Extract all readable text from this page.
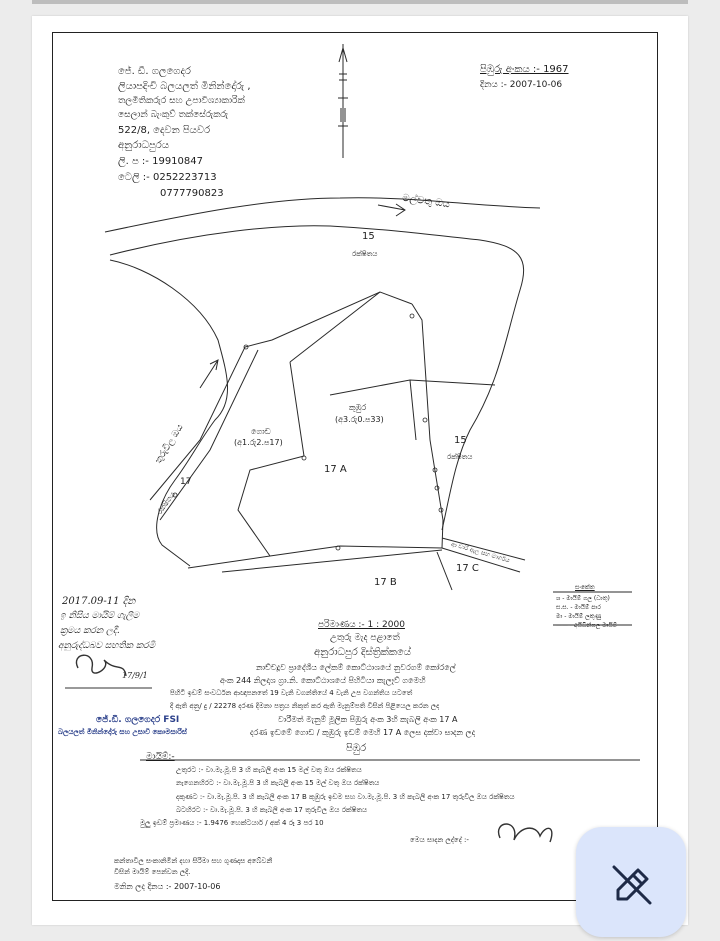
ජේ. ඩී. ගලගෙදර
ලියාපදිංචි බලයලත් මිනින්දෝරු ,
තලමිතිකරුර සහ උපාවිශ්‍යාකාරික්
සෙලාන් බැංකුව් තක්සේරුකරු
522/8, දෙවන පියවර
අනුරාධපුරය
ලි. ප :- 19910847
ටෙලි :- 0252223713
0777790823
පිඹුරු අංකය :- 1967
දිනය :- 2007-10-06
මල්වතු ඔය
15
රක්ෂිතය
තුරුවිල ඔය
17
රක්ෂිතය
ගොඩ
(අ1.රු2.ප17)
කුඹුර
(අ3.රු0.ප33)
15
රක්ෂිතය
17 A
17 B
17 C
ආ වාරි ඇල සහ මාර්ගය
සංකේත
ශ - මායිම් ගල (ධාතු)
ස.ස. - මායිම් පාර
මා - මායිම් ලකුණු
—— - අයිඩින්ගල මායිම්
2017.09-11 දින
ඉ නිසිය මායිම් ගැලීම
ක්‍රමය කරන ලදී.
අනුරුද්ධබව සහතික කරමි
17/9/1
පරිමාණය :- 1 : 2000
උතුරු මැද පළාතේ
අනුරාධපුර දිස්ත්‍රික්කයේ
නාච්චදූව ප්‍රාදේශීය ලේකම් කොට්ඨාශයේ නුවරගම් කෝරලේ
අංක 244 නිලදාශ ග්‍රා.නි. කොට්ඨාශයේ පිහිටියා කැලෑව් ගමෙහි
පිහිටි ඉඩම් සංවර්ධන ආඥාපනතේ 19 වැනි වගන්තියේ 4 වැනි උප වගන්තිය යටතේ
දී ඇති අනු/ දු / 22278 දරණ දීමනා පත්‍රය නිකුත් කර ඇති මැනුම්පති විසින් පිළියෙල කරන ලද
වාරීමත් මැනුම් මූලික පිඹුරු අංක 3හි කැබලි අංක 17 A
දරණ ඉඩමේ ගොඩ / කුඹුරු ඉඩම් මෙහි 17 A ලෙස දක්වා සාදන ලද
පිඹුර
ජේ.ඩී. ගලගෙදර FSI
බලයලත් මිනින්දෝරු සහ උසාවි කොමසාරිස්
මායිම්:-
උතුරට :- වා.මැ.මූ.පි 3 හි කැබලි අංක 15 මල් වතු ඔය රක්ෂිතය
නැගෙනහිරට :- වා.මැ.මූ.පි 3 හි කැබලි අංක 15 මල් වතු ඔය රක්ෂිතය
දකුණට :- වා.මැ.මූ.පි. 3 හි කැබලි අංක 17 B කුඹුරු ඉඩම සහ වා.මැ.මූ.පි. 3 හි කැබලි අංක 17 තුරුවිල ඔය රක්ෂිතය
බටහිරට :- වා.මැ.මූ.පි. 3 හි කැබලි අංක 17 තුරුවිල ඔය රක්ෂිතය
මුලු ඉඩම් ප්‍රමාණය :- 1.9476 හෙක්ටයාර් / අක් 4 රූ 3 පර 10
මෙය සාදන ලද්දේ :-
කන්තාවිල සංකානිමින් දහා සිරිමා සහ ගුණදාස අබේවනී
විසින් මායිම් පෙන්වන ලදී.
මනින ලද දිනය :- 2007-10-06
